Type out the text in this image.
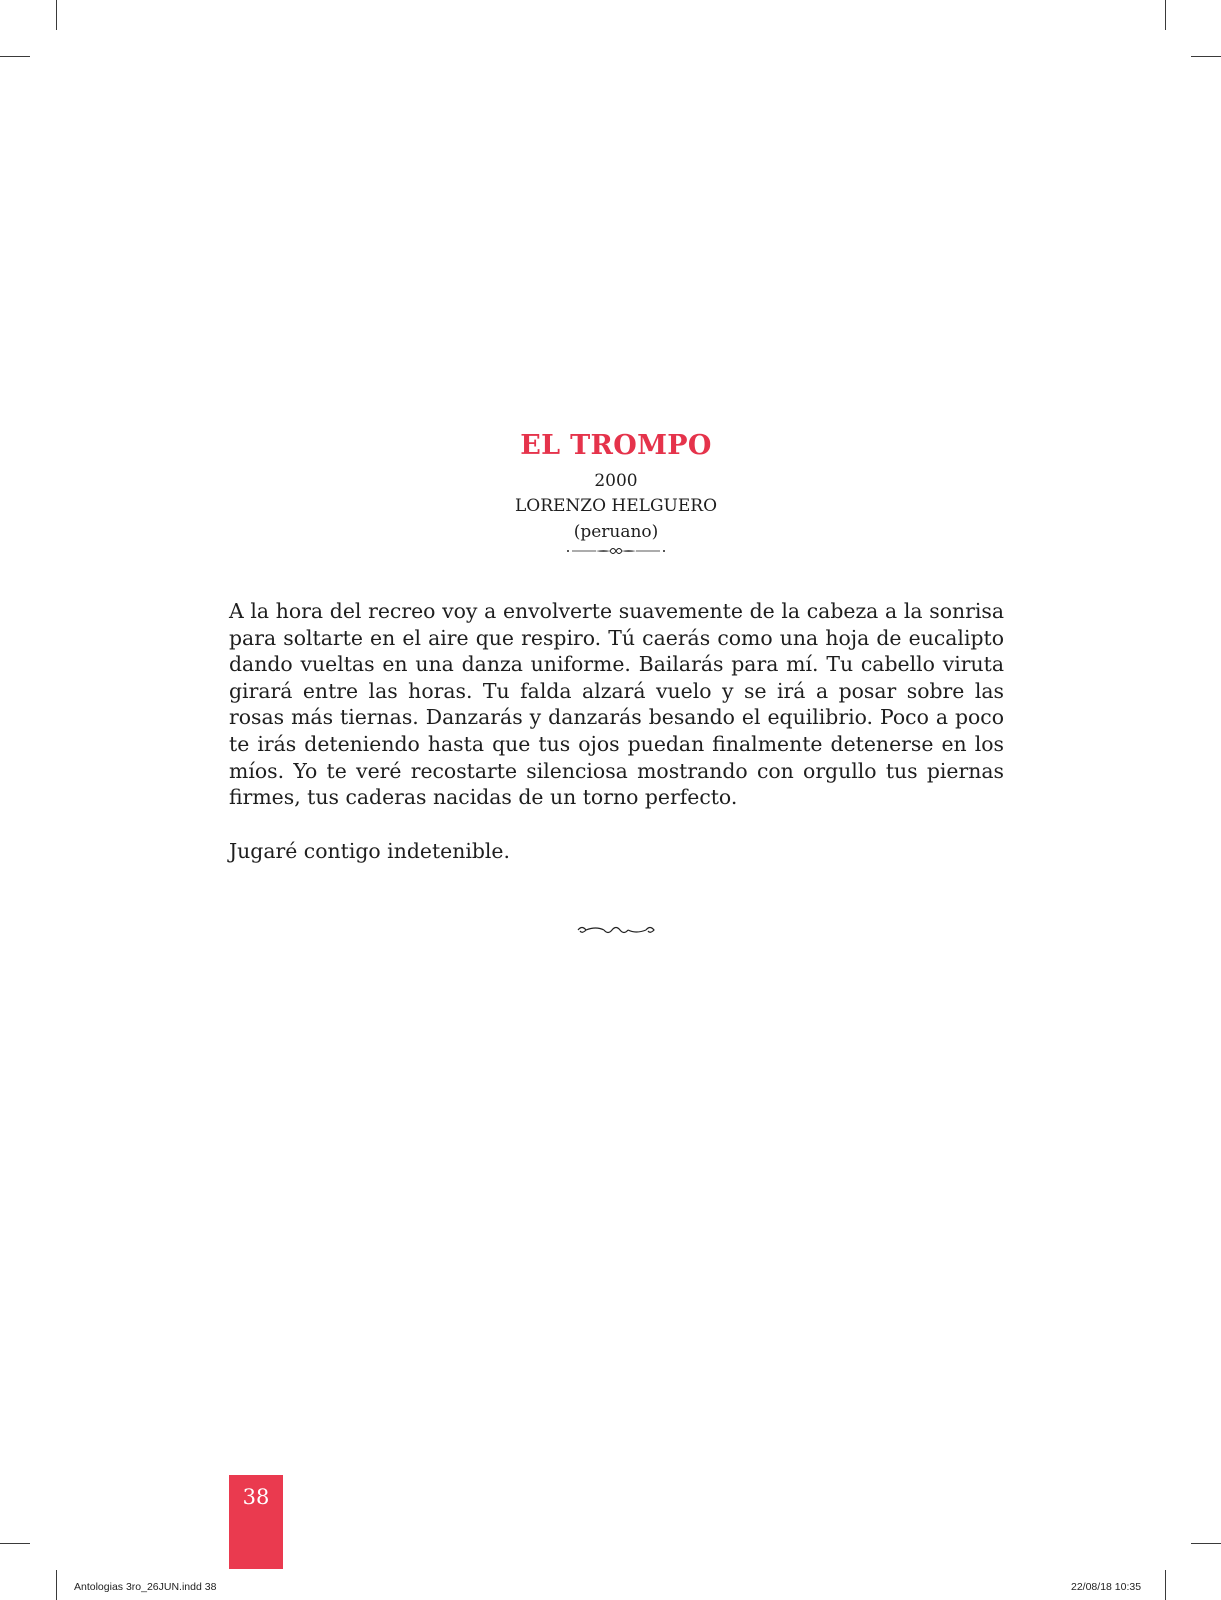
EL TROMPO
2000
LORENZO HELGUERO
(peruano)

A la hora del recreo voy a envolverte suavemente de la cabeza a la sonrisa para soltarte en el aire que respiro. Tú caerás como una hoja de eucalipto dando vueltas en una danza uniforme. Bailarás para mí. Tu cabello viruta girará entre las horas. Tu falda alzará vuelo y se irá a posar sobre las rosas más tiernas. Danzarás y danzarás besando el equilibrio. Poco a poco te irás deteniendo hasta que tus ojos puedan finalmente detenerse en los míos. Yo te veré recostarte silenciosa mostrando con orgullo tus piernas firmes, tus caderas nacidas de un torno perfecto.

Jugaré contigo indetenible.

38
Antologias 3ro_26JUN.indd 38	22/08/18 10:35
